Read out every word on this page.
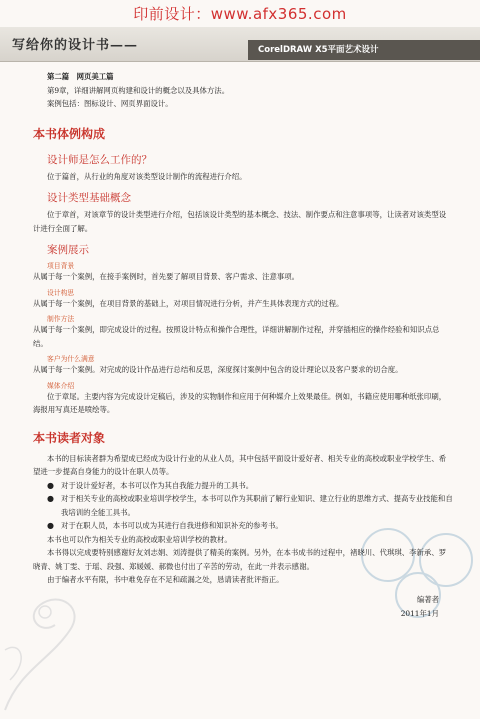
印前设计：www.afx365.com
写给你的设计书——	CorelDRAW X5平面艺术设计

第二篇　网页美工篇

第9章，详细讲解网页构建和设计的概念以及具体方法。

案例包括：图标设计、网页界面设计。

本书体例构成

设计师是怎么工作的？

位于篇首，从行业的角度对该类型设计制作的流程进行介绍。

设计类型基础概念

位于章首，对该章节的设计类型进行介绍，包括该设计类型的基本概念、技法、制作要点和注意事项等，让读者对该类型设计进行全面了解。

案例展示

项目背景

从属于每一个案例，在接手案例时，首先要了解项目背景、客户需求、注意事项。

设计构思

从属于每一个案例，在项目背景的基础上，对项目情况进行分析，并产生具体表现方式的过程。

制作方法

从属于每一个案例，即完成设计的过程。按照设计特点和操作合理性，详细讲解制作过程，并穿插相应的操作经验和知识点总结。

客户为什么满意

从属于每一个案例。对完成的设计作品进行总结和反思，深度探讨案例中包含的设计理论以及客户要求的切合度。

媒体介绍

位于章尾。主要内容为完成设计定稿后，涉及的实物制作和应用于何种媒介上效果最佳。例如，书籍应使用哪种纸张印刷，海报用写真还是喷绘等。

本书读者对象

本书的目标读者群为希望成已经成为设计行业的从业人员，其中包括平面设计爱好者、相关专业的高校或职业学校学生、希望进一步提高自身能力的设计在职人员等。

● 对于设计爱好者，本书可以作为其自我能力提升的工具书。
● 对于相关专业的高校或职业培训学校学生，本书可以作为其职前了解行业知识、建立行业的思维方式、提高专业技能和自我培训的全能工具书。
● 对于在职人员，本书可以成为其进行自我进修和知识补充的参考书。

本书也可以作为相关专业的高校或职业培训学校的教材。

本书得以完成要特别感谢好友刘志娟、刘涛提供了精美的案例。另外，在本书成书的过程中，褚晓川、代琪琪、李新承、罗晓青、姚丁雯、于瑶、段强、郑媛媛、郝微也付出了辛苦的劳动，在此一并表示感谢。

由于编者水平有限，书中难免存在不足和疏漏之处，恳请读者批评指正。

编著者
2011年1月
